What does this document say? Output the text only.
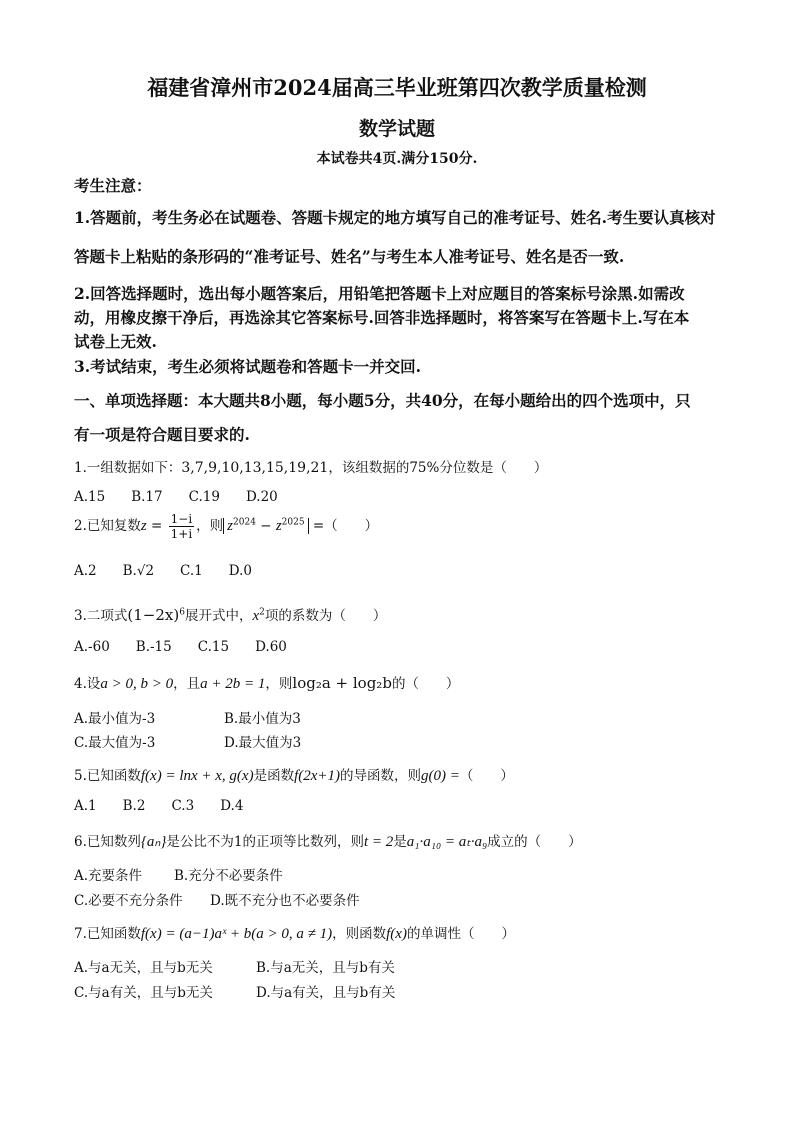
福建省漳州市2024届高三毕业班第四次教学质量检测
数学试题
本试卷共4页.满分150分.
考生注意：
1.答题前，考生务必在试题卷、答题卡规定的地方填写自己的准考证号、姓名.考生要认真核对
答题卡上粘贴的条形码的“准考证号、姓名”与考生本人准考证号、姓名是否一致.
2.回答选择题时，选出每小题答案后，用铅笔把答题卡上对应题目的答案标号涂黑.如需改
动，用橡皮擦干净后，再选涂其它答案标号.回答非选择题时，将答案写在答题卡上.写在本
试卷上无效.
3.考试结束，考生必须将试题卷和答题卡一并交回.
一、单项选择题：本大题共8小题，每小题5分，共40分，在每小题给出的四个选项中，只
有一项是符合题目要求的.
1.一组数据如下：3,7,9,10,13,15,19,21，该组数据的75%分位数是（　　）
A.15 B.17 C.19 D.20
2.已知复数$z = \frac{1-i}{1+i}$ ，则 $z^{2024} - z^{2025}$ =（　　）
A.2 B.√2 C.1 D.0
3.二项式$(1-2x)^6$展开式中，$x^2$项的系数为（　　）
A.-60 B.-15 C.15 D.60
4.设a > 0, b > 0，且a + 2b = 1，则log₂a + log₂b的（　　）
A.最小值为-3	B.最小值为3
C.最大值为-3	D.最大值为3
5.已知函数f(x) = lnx + x, g(x)是函数f(2x+1)的导函数，则g(0) =（　　）
A.1 B.2 C.3 D.4
6.已知数列{aₙ}是公比不为1的正项等比数列，则t = 2是a₁·a₁₀ = aₜ·a₉成立的（　　）
A.充要条件 B.充分不必要条件
C.必要不充分条件 D.既不充分也不必要条件
7.已知函数f(x) = (a−1)aˣ + b(a > 0, a ≠ 1)，则函数f(x)的单调性（　　）
A.与a无关，且与b无关	B.与a无关，且与b有关
C.与a有关，且与b无关	D.与a有关，且与b有关
